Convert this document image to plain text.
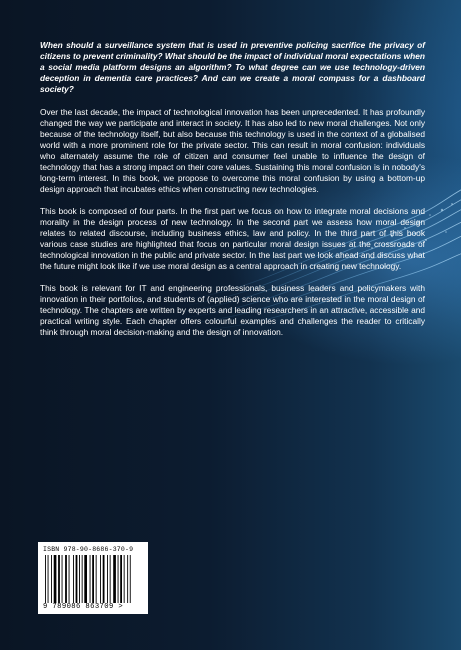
When should a surveillance system that is used in preventive policing sacrifice the privacy of citizens to prevent criminality? What should be the impact of individual moral expectations when a social media platform designs an algorithm? To what degree can we use technology-driven deception in dementia care practices? And can we create a moral compass for a dashboard society?

Over the last decade, the impact of technological innovation has been unprecedented. It has profoundly changed the way we participate and interact in society. It has also led to new moral challenges. Not only because of the technology itself, but also because this technology is used in the context of a globalised world with a more prominent role for the private sector. This can result in moral confusion: individuals who alternately assume the role of citizen and consumer feel unable to influence the design of technology that has a strong impact on their core values. Sustaining this moral confusion is in nobody's long-term interest. In this book, we propose to overcome this moral confusion by using a bottom-up design approach that incubates ethics when constructing new technologies.

This book is composed of four parts. In the first part we focus on how to integrate moral decisions and morality in the design process of new technology. In the second part we assess how moral design relates to related discourse, including business ethics, law and policy. In the third part of this book various case studies are highlighted that focus on particular moral design issues at the crossroads of technological innovation in the public and private sector. In the last part we look ahead and discuss what the future might look like if we use moral design as a central approach in creating new technology.

This book is relevant for IT and engineering professionals, business leaders and policymakers with innovation in their portfolios, and students of (applied) science who are interested in the moral design of technology. The chapters are written by experts and leading researchers in an attractive, accessible and practical writing style. Each chapter offers colourful examples and challenges the reader to critically think through moral decision-making and the design of innovation.

ISBN 978-90-8686-370-9
9 789086 863709 >
